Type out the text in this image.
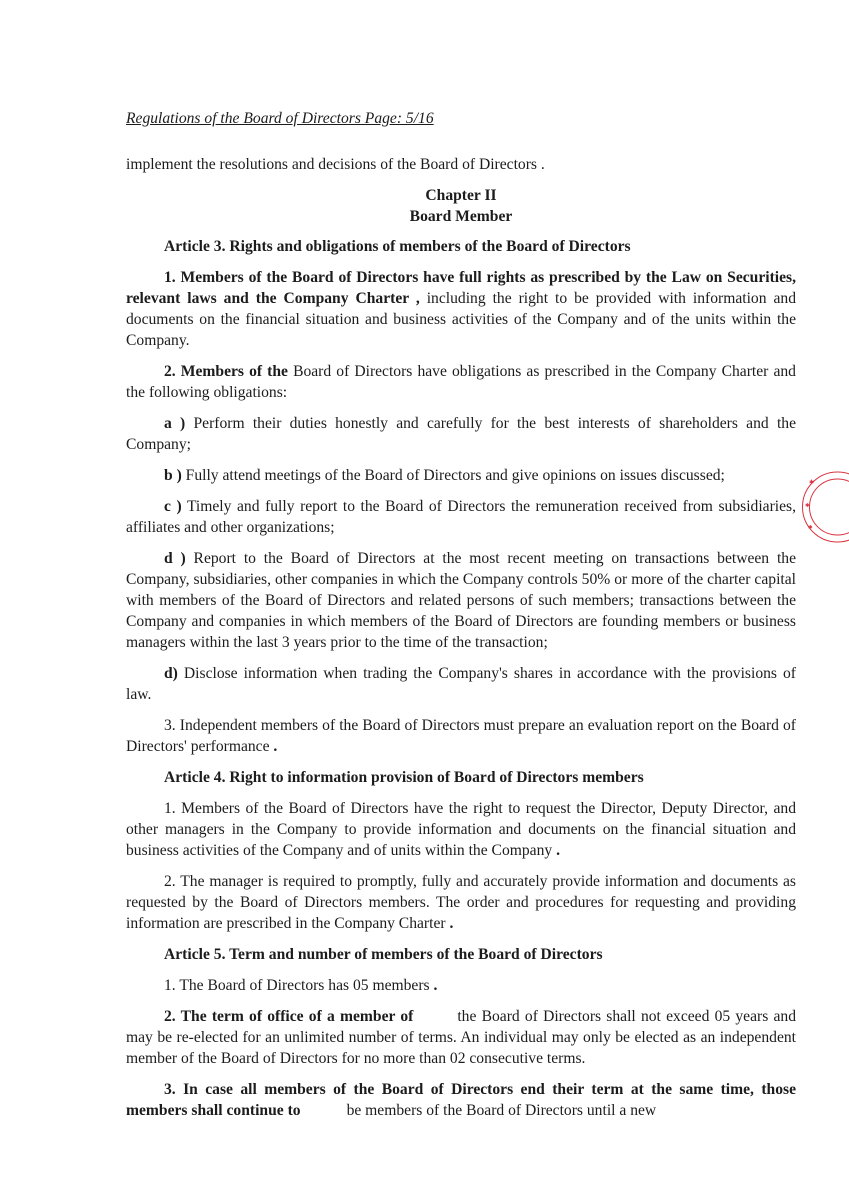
Regulations of the Board of Directors Page: 5/16

implement the resolutions and decisions of the Board of Directors .

Chapter II

Board Member

Article 3. Rights and obligations of members of the Board of Directors

1. Members of the Board of Directors have full rights as prescribed by the Law on Securities, relevant laws and the Company Charter , including the right to be provided with information and documents on the financial situation and business activities of the Company and of the units within the Company.

2. Members of the Board of Directors have obligations as prescribed in the Company Charter and the following obligations:

a ) Perform their duties honestly and carefully for the best interests of shareholders and the Company;

b ) Fully attend meetings of the Board of Directors and give opinions on issues discussed;

c ) Timely and fully report to the Board of Directors the remuneration received from subsidiaries, affiliates and other organizations;

d ) Report to the Board of Directors at the most recent meeting on transactions between the Company, subsidiaries, other companies in which the Company controls 50% or more of the charter capital with members of the Board of Directors and related persons of such members; transactions between the Company and companies in which members of the Board of Directors are founding members or business managers within the last 3 years prior to the time of the transaction;

d) Disclose information when trading the Company's shares in accordance with the provisions of law.

3. Independent members of the Board of Directors must prepare an evaluation report on the Board of Directors' performance .

Article 4. Right to information provision of Board of Directors members

1. Members of the Board of Directors have the right to request the Director, Deputy Director, and other managers in the Company to provide information and documents on the financial situation and business activities of the Company and of units within the Company .

2. The manager is required to promptly, fully and accurately provide information and documents as requested by the Board of Directors members. The order and procedures for requesting and providing information are prescribed in the Company Charter .

Article 5. Term and number of members of the Board of Directors

1. The Board of Directors has 05 members .

2. The term of office of a member of	the Board of Directors shall not exceed 05 years and may be re-elected for an unlimited number of terms. An individual may only be elected as an independent member of the Board of Directors for no more than 02 consecutive terms.

3. In case all members of the Board of Directors end their term at the same time, those members shall continue to	be members of the Board of Directors until a new

✱
✱
✱
